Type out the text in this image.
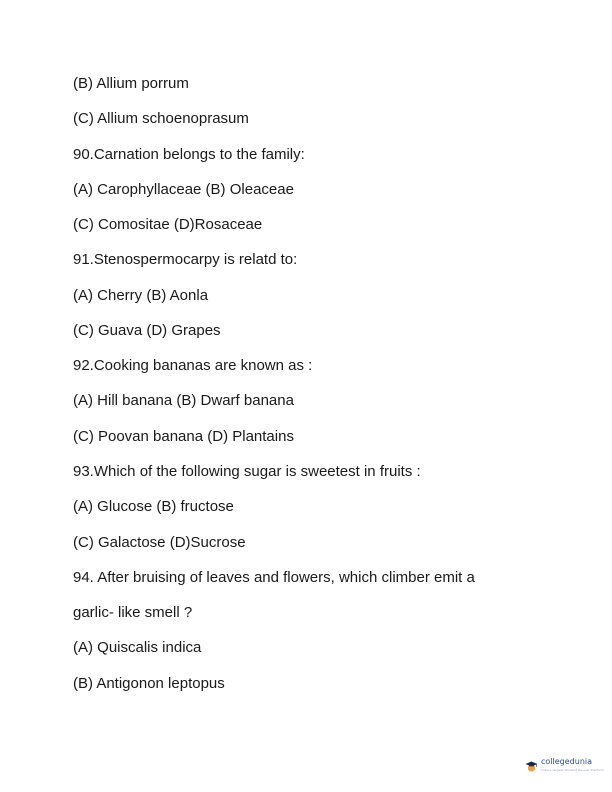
(B) Allium porrum
(C) Allium schoenoprasum
90.Carnation belongs to the family:
(A) Carophyllaceae (B) Oleaceae
(C) Comositae (D)Rosaceae
91.Stenospermocarpy is relatd to:
(A) Cherry (B) Aonla
(C) Guava (D) Grapes
92.Cooking bananas are known as :
(A) Hill banana (B) Dwarf banana
(C) Poovan banana (D) Plantains
93.Which of the following sugar is sweetest in fruits :
(A) Glucose (B) fructose
(C) Galactose (D)Sucrose
94. After bruising of leaves and flowers, which climber emit a
garlic- like smell ?
(A) Quiscalis indica
(B) Antigonon leptopus
collegedunia
India's largest Student Review Platform
